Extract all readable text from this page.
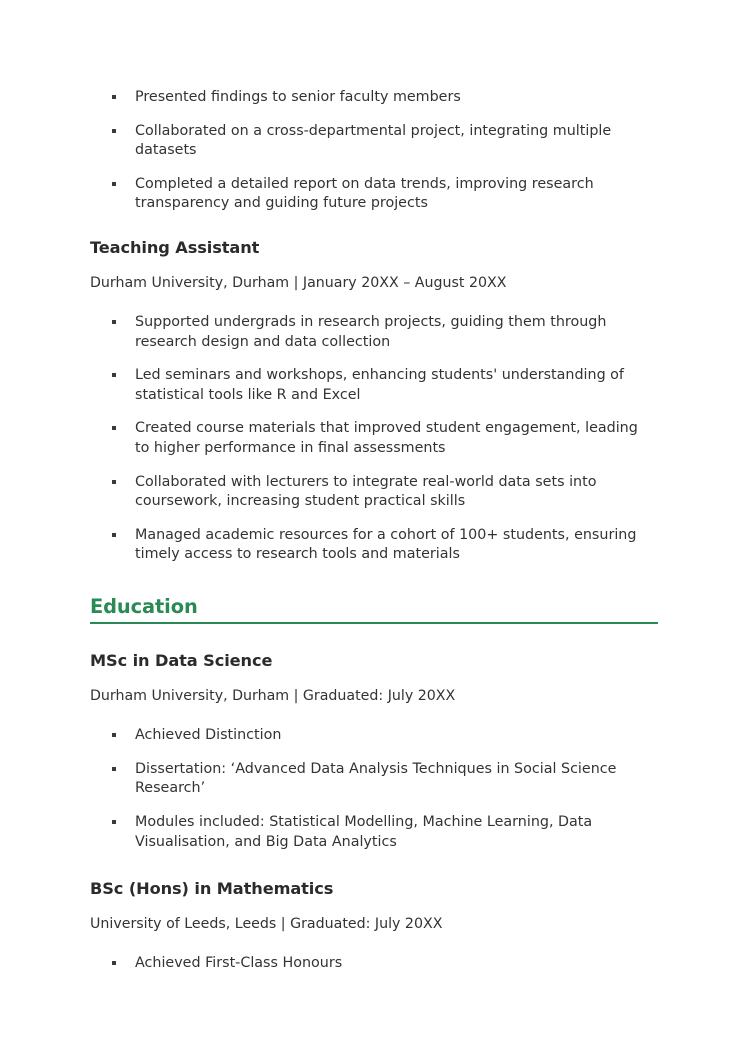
Presented findings to senior faculty members
Collaborated on a cross-departmental project, integrating multiple datasets
Completed a detailed report on data trends, improving research transparency and guiding future projects
Teaching Assistant

Durham University, Durham | January 20XX – August 20XX

Supported undergrads in research projects, guiding them through research design and data collection
Led seminars and workshops, enhancing students' understanding of statistical tools like R and Excel
Created course materials that improved student engagement, leading to higher performance in final assessments
Collaborated with lecturers to integrate real-world data sets into coursework, increasing student practical skills
Managed academic resources for a cohort of 100+ students, ensuring timely access to research tools and materials
Education
MSc in Data Science

Durham University, Durham | Graduated: July 20XX

Achieved Distinction
Dissertation: ‘Advanced Data Analysis Techniques in Social Science Research’
Modules included: Statistical Modelling, Machine Learning, Data Visualisation, and Big Data Analytics
BSc (Hons) in Mathematics

University of Leeds, Leeds | Graduated: July 20XX

Achieved First-Class Honours
